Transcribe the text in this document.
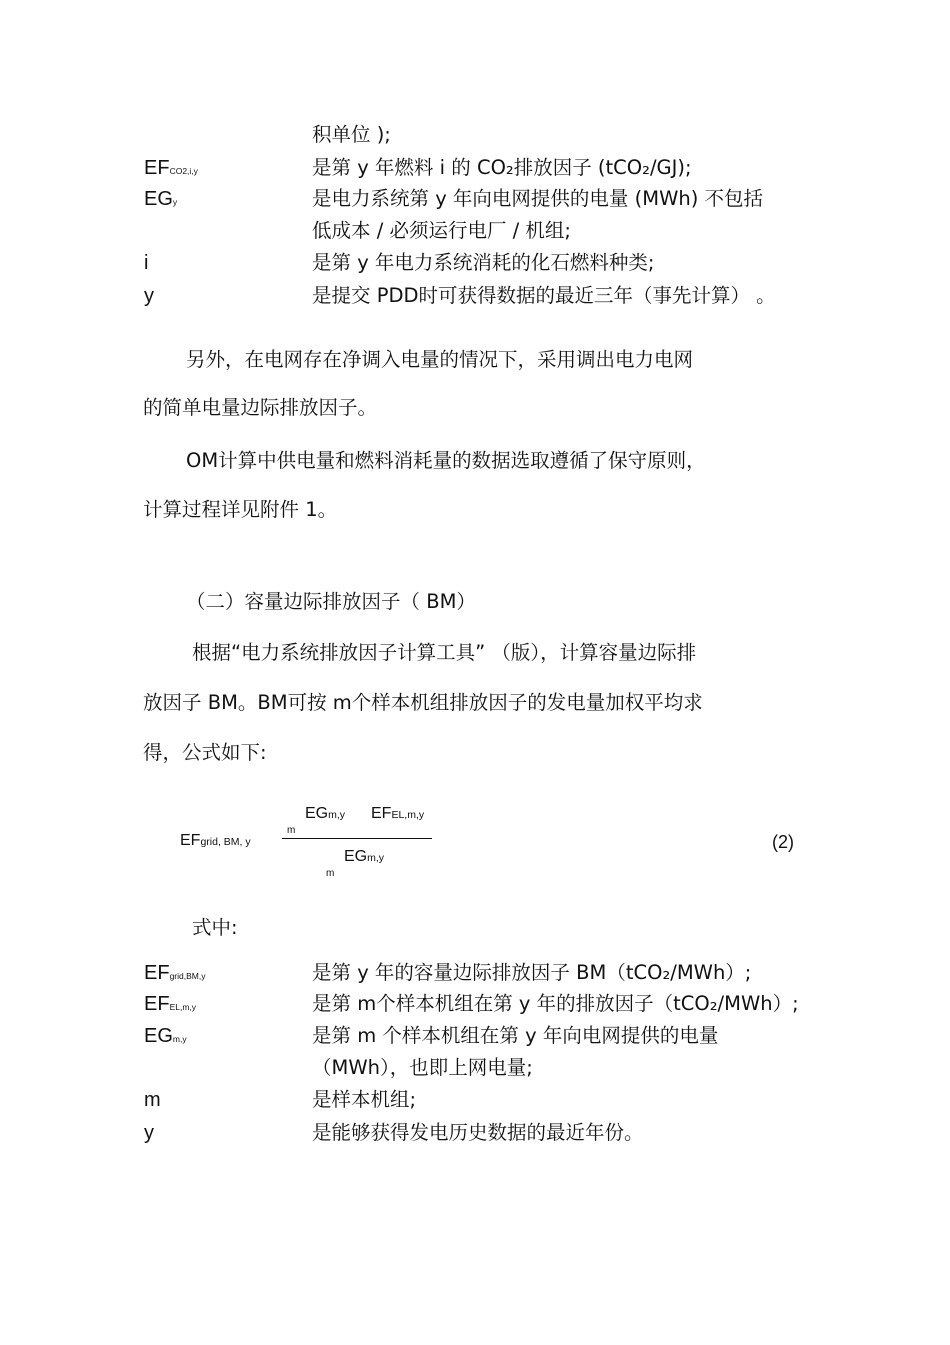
积单位 );
EFCO2,i,y	是第 y 年燃料 i 的 CO₂排放因子 (tCO₂/GJ);
EGy	是电力系统第 y 年向电网提供的电量 (MWh) 不包括
低成本 / 必须运行电厂 / 机组;
i	是第 y 年电力系统消耗的化石燃料种类;
y	是提交 PDD时可获得数据的最近三年（事先计算） 。
另外，在电网存在净调入电量的情况下，采用调出电力电网
的简单电量边际排放因子。
OM计算中供电量和燃料消耗量的数据选取遵循了保守原则，
计算过程详见附件 1。
（二）容量边际排放因子（ BM）
根据“电力系统排放因子计算工具” （版），计算容量边际排
放因子 BM。BM可按 m个样本机组排放因子的发电量加权平均求
得，公式如下:
EFgrid, BM, y
EGm,y EFEL,m,y
m
EGm,y
m
(2)
式中:
EFgrid,BM,y	是第 y 年的容量边际排放因子 BM（tCO₂/MWh）;
EFEL,m,y	是第 m个样本机组在第 y 年的排放因子（tCO₂/MWh）;
EGm,y	是第 m 个样本机组在第 y 年向电网提供的电量
（MWh），也即上网电量;
m	是样本机组;
y	是能够获得发电历史数据的最近年份。
